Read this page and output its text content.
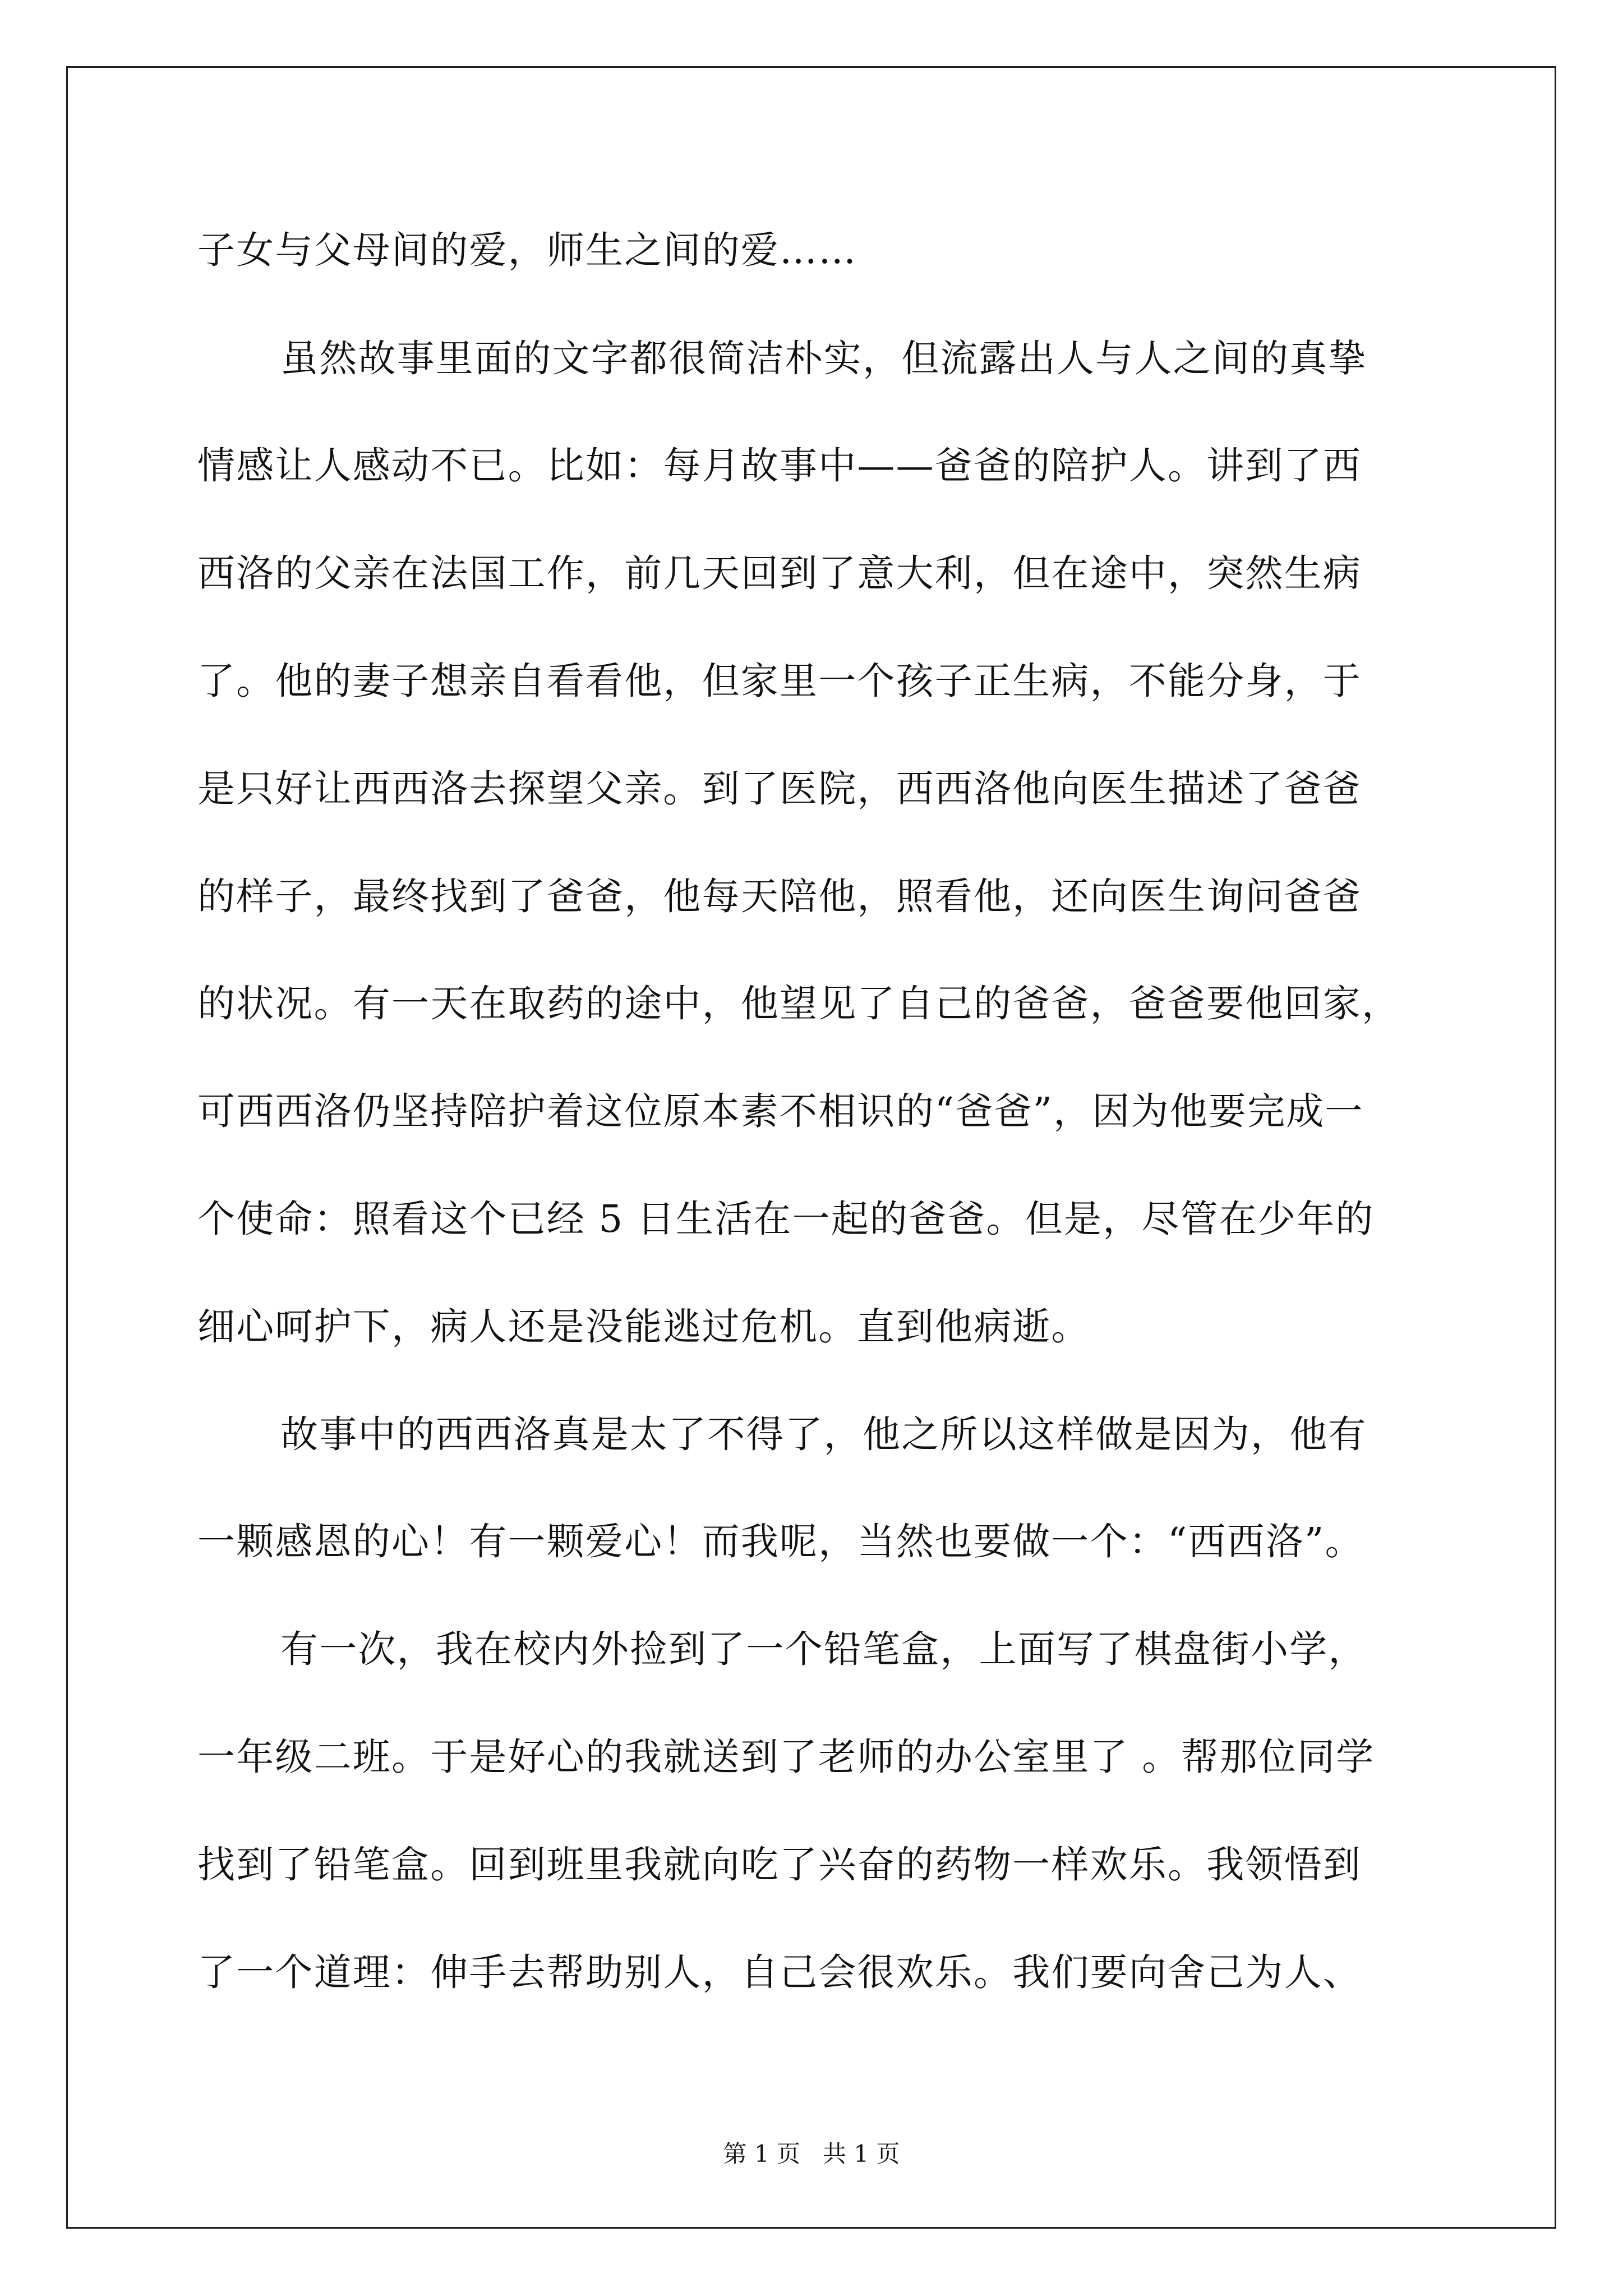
子女与父母间的爱，师生之间的爱……
虽然故事里面的文字都很简洁朴实，但流露出人与人之间的真挚
情感让人感动不已。比如：每月故事中——爸爸的陪护人。讲到了西
西洛的父亲在法国工作，前几天回到了意大利，但在途中，突然生病
了。他的妻子想亲自看看他，但家里一个孩子正生病，不能分身，于
是只好让西西洛去探望父亲。到了医院，西西洛他向医生描述了爸爸
的样子，最终找到了爸爸，他每天陪他，照看他，还向医生询问爸爸
的状况。有一天在取药的途中，他望见了自己的爸爸，爸爸要他回家，
可西西洛仍坚持陪护着这位原本素不相识的“爸爸”，因为他要完成一
个使命：照看这个已经 5 日生活在一起的爸爸。但是，尽管在少年的
细心呵护下，病人还是没能逃过危机。直到他病逝。
故事中的西西洛真是太了不得了，他之所以这样做是因为，他有
一颗感恩的心！有一颗爱心！而我呢，当然也要做一个：“西西洛”。
有一次，我在校内外捡到了一个铅笔盒，上面写了棋盘街小学，
一年级二班。于是好心的我就送到了老师的办公室里了 。帮那位同学
找到了铅笔盒。回到班里我就向吃了兴奋的药物一样欢乐。我领悟到
了一个道理：伸手去帮助别人，自己会很欢乐。我们要向舍己为人、
第 1 页   共 1 页
